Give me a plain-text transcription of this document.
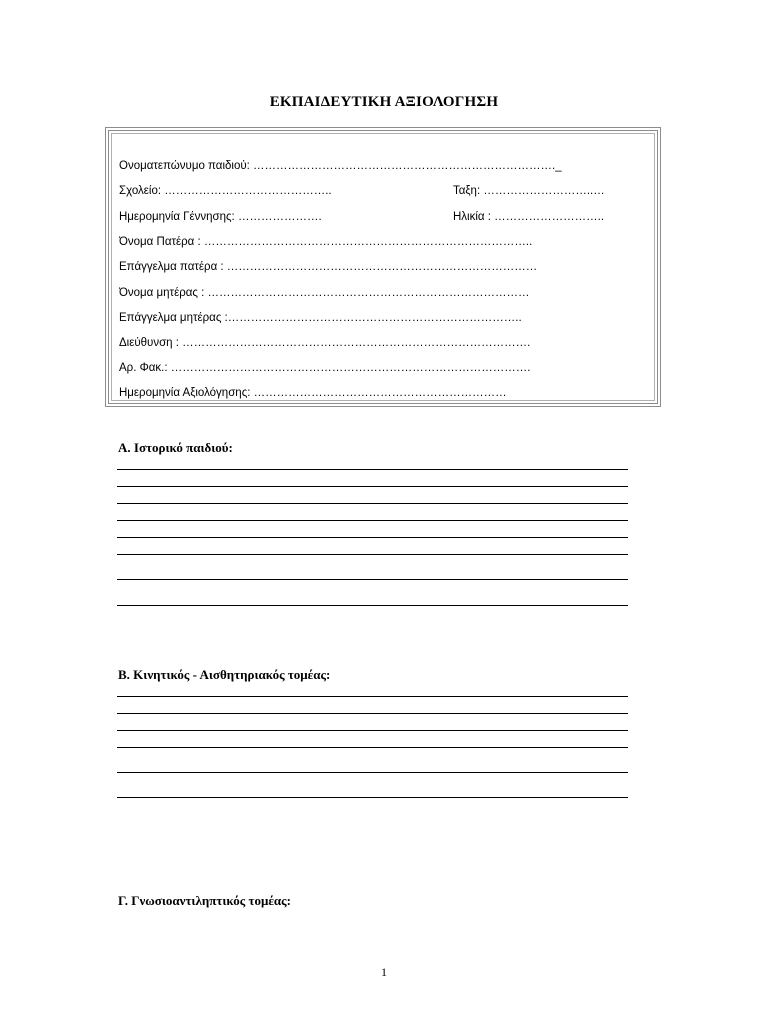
ΕΚΠΑΙΔΕΥΤΙΚΗ ΑΞΙΟΛΟΓΗΣΗ
Ονοματεπώνυμο παιδιού: ……………………………………………………………………._
Σχολείο: ……………………………………..	Ταξη: ………………………..…
Ημερομηνία Γέννησης: ………………….	Ηλικία : ………………………..
Όνομα Πατέρα : …………………………………………………………………………..
Επάγγελμα πατέρα : ………………………………………………………………………
Όνομα μητέρας : …………………………………………………………………………
Επάγγελμα μητέρας :…………………………………………………………………..
Διεύθυνση : ……………………………………………………………………………….
Αρ. Φακ.: ………………………………………………………………………………….
Ημερομηνία Αξιολόγησης: …………………………………………………………
Α. Ιστορικό παιδιού:
Β. Κινητικός - Αισθητηριακός τομέας:
Γ. Γνωσιοαντιληπτικός τομέας:
1
